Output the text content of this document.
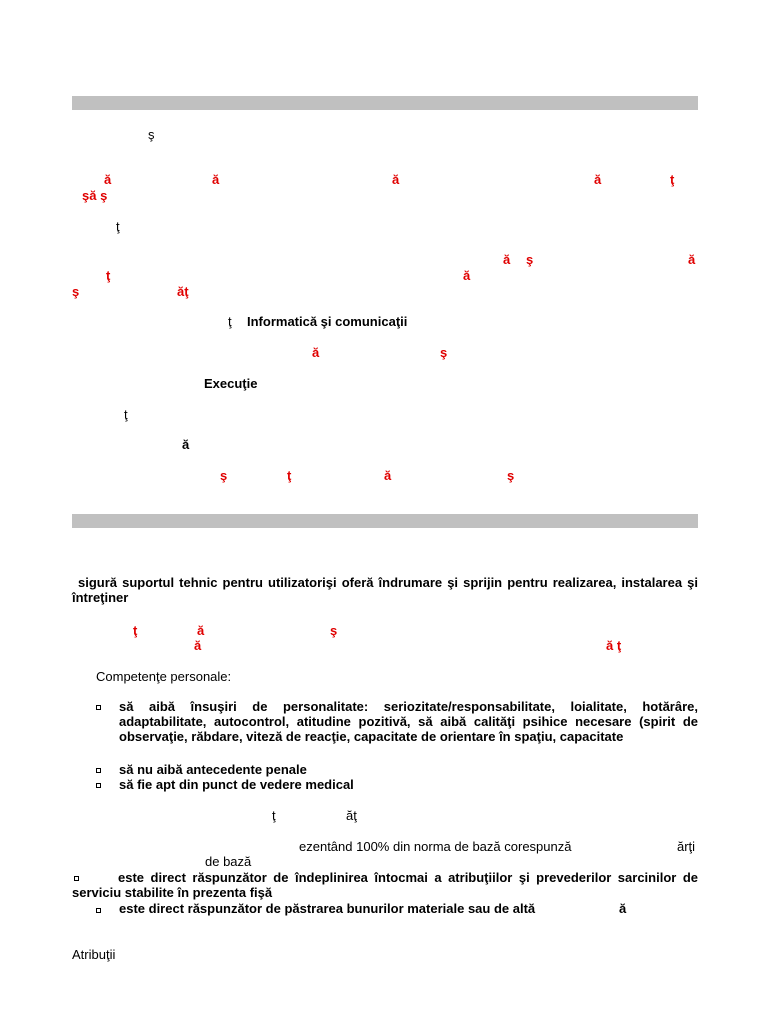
ş
ă	ă	ă	ă	ţ
şă ş
ţ
ă ş	ă
ţ	ă
ş	ăţ
ţ Informatică şi comunicaţii
ă	ş
Execuţie
ţ
ă
ş	ţ	ă	ş
sigură suportul tehnic pentru utilizatorişi oferă îndrumare şi sprijin pentru realizarea, instalarea şi întreţiner
ţ	ă	ş
ă	ă ţ
Competenţe personale:
să aibă însuşiri de personalitate: seriozitate/responsabilitate, loialitate, hotărâre, adaptabilitate, autocontrol, atitudine pozitivă, să aibă calităţi psihice necesare (spirit de observaţie, răbdare, viteză de reacţie, capacitate de orientare în spaţiu, capacitate
să nu aibă antecedente penale
să fie apt din punct de vedere medical
ţ	ăţ
ezentând 100% din norma de bază corespunză	ărţi
de bază
este direct răspunzător de îndeplinirea întocmai a atribuţiilor şi prevederilor sarcinilor de serviciu stabilite în prezenta fişă
este direct răspunzător de păstrarea bunurilor materiale sau de altă	ă
Atribuţii
